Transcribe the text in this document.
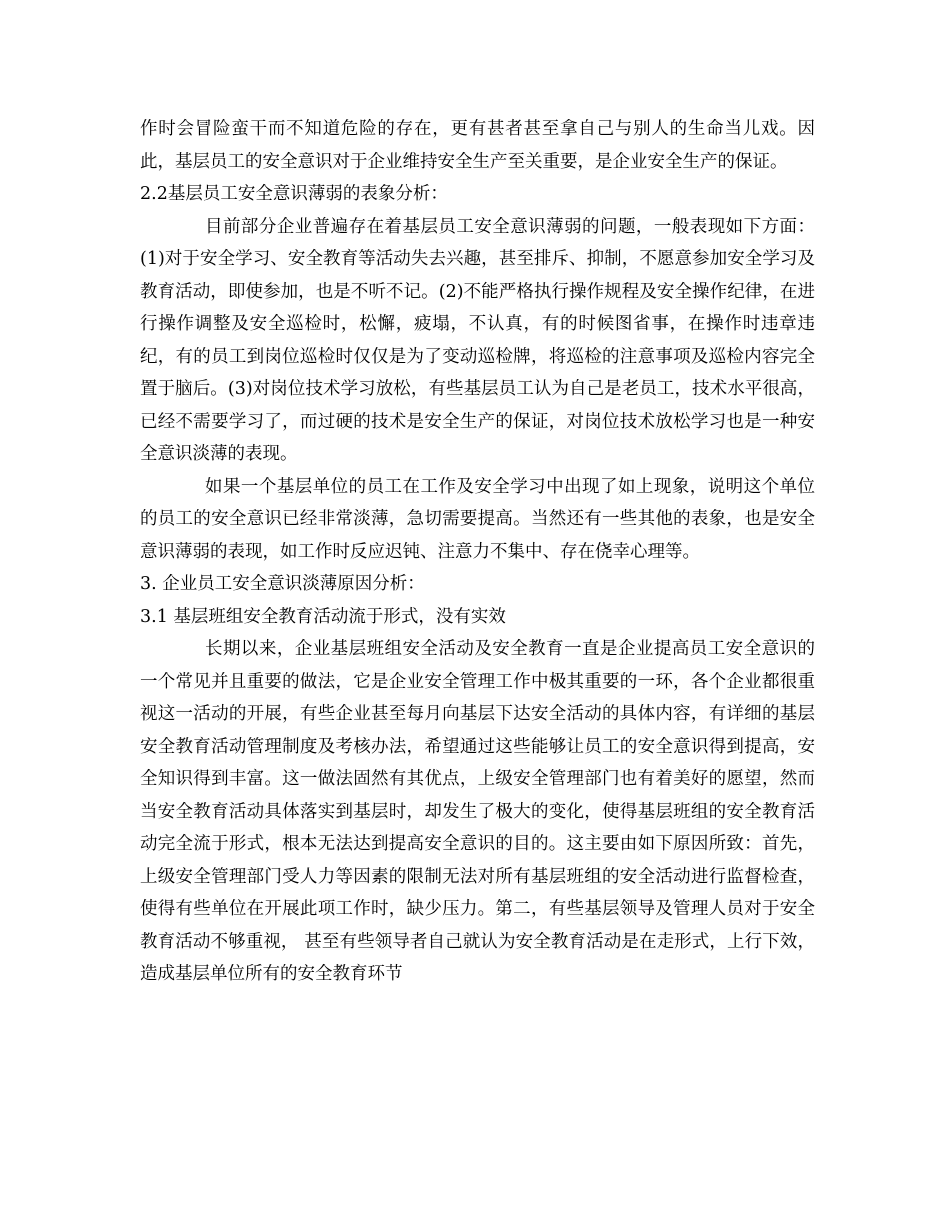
作时会冒险蛮干而不知道危险的存在，更有甚者甚至拿自己与别人的生命当儿戏。因此，基层员工的安全意识对于企业维持安全生产至关重要，是企业安全生产的保证。

2.2基层员工安全意识薄弱的表象分析：

目前部分企业普遍存在着基层员工安全意识薄弱的问题，一般表现如下方面：(1)对于安全学习、安全教育等活动失去兴趣，甚至排斥、抑制，不愿意参加安全学习及教育活动，即使参加，也是不听不记。(2)不能严格执行操作规程及安全操作纪律，在进行操作调整及安全巡检时，松懈，疲塌，不认真，有的时候图省事，在操作时违章违纪，有的员工到岗位巡检时仅仅是为了变动巡检牌，将巡检的注意事项及巡检内容完全置于脑后。(3)对岗位技术学习放松，有些基层员工认为自己是老员工，技术水平很高，已经不需要学习了，而过硬的技术是安全生产的保证，对岗位技术放松学习也是一种安全意识淡薄的表现。

如果一个基层单位的员工在工作及安全学习中出现了如上现象，说明这个单位的员工的安全意识已经非常淡薄，急切需要提高。当然还有一些其他的表象，也是安全意识薄弱的表现，如工作时反应迟钝、注意力不集中、存在侥幸心理等。

3. 企业员工安全意识淡薄原因分析：

3.1 基层班组安全教育活动流于形式，没有实效

长期以来，企业基层班组安全活动及安全教育一直是企业提高员工安全意识的一个常见并且重要的做法，它是企业安全管理工作中极其重要的一环，各个企业都很重视这一活动的开展，有些企业甚至每月向基层下达安全活动的具体内容，有详细的基层安全教育活动管理制度及考核办法，希望通过这些能够让员工的安全意识得到提高，安全知识得到丰富。这一做法固然有其优点，上级安全管理部门也有着美好的愿望，然而当安全教育活动具体落实到基层时，却发生了极大的变化，使得基层班组的安全教育活动完全流于形式，根本无法达到提高安全意识的目的。这主要由如下原因所致：首先，上级安全管理部门受人力等因素的限制无法对所有基层班组的安全活动进行监督检查，使得有些单位在开展此项工作时，缺少压力。第二，有些基层领导及管理人员对于安全教育活动不够重视， 甚至有些领导者自己就认为安全教育活动是在走形式，上行下效，造成基层单位所有的安全教育环节
